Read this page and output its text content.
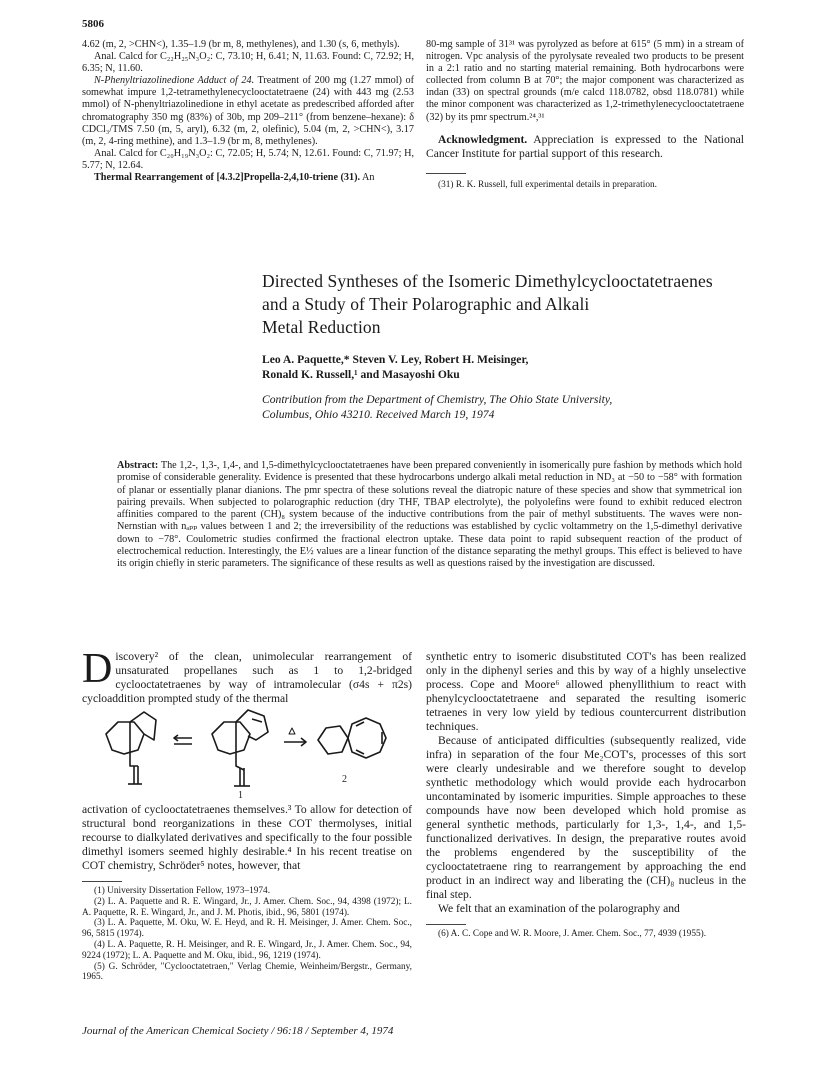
5806

4.62 (m, 2, >CHN<), 1.35–1.9 (br m, 8, methylenes), and 1.30 (s, 6, methyls).

Anal. Calcd for C₂₂H₂₅N₃O₂: C, 73.10; H, 6.41; N, 11.63. Found: C, 72.92; H, 6.35; N, 11.60.

N-Phenyltriazolinedione Adduct of 24. Treatment of 200 mg (1.27 mmol) of somewhat impure 1,2-tetramethylenecyclooctatetraene (24) with 443 mg (2.53 mmol) of N-phenyltriazolinedione in ethyl acetate as predescribed afforded after chromatography 350 mg (83%) of 30b, mp 209–211° (from benzene–hexane): δ CDCl₃/TMS 7.50 (m, 5, aryl), 6.32 (m, 2, olefinic), 5.04 (m, 2, >CHN<), 3.17 (m, 2, 4-ring methine), and 1.3–1.9 (br m, 8, methylenes).

Anal. Calcd for C₂₀H₁₉N₃O₂: C, 72.05; H, 5.74; N, 12.61. Found: C, 71.97; H, 5.77; N, 12.64.

Thermal Rearrangement of [4.3.2]Propella-2,4,10-triene (31). An

80-mg sample of 31³¹ was pyrolyzed as before at 615° (5 mm) in a stream of nitrogen. Vpc analysis of the pyrolysate revealed two products to be present in a 2:1 ratio and no starting material remaining. Both hydrocarbons were collected from column B at 70°; the major component was characterized as indan (33) on spectral grounds (m/e calcd 118.0782, obsd 118.0781) while the minor component was characterized as 1,2-trimethylenecyclooctatetraene (32) by its pmr spectrum.²⁴,³¹

Acknowledgment. Appreciation is expressed to the National Cancer Institute for partial support of this research.

(31) R. K. Russell, full experimental details in preparation.

Directed Syntheses of the Isomeric Dimethylcyclooctatetraenes
and a Study of Their Polarographic and Alkali
Metal Reduction
Leo A. Paquette,* Steven V. Ley, Robert H. Meisinger,
Ronald K. Russell,¹ and Masayoshi Oku
Contribution from the Department of Chemistry, The Ohio State University,
Columbus, Ohio 43210. Received March 19, 1974
Abstract: The 1,2-, 1,3-, 1,4-, and 1,5-dimethylcyclooctatetraenes have been prepared conveniently in isomerically pure fashion by methods which hold promise of considerable generality. Evidence is presented that these hydrocarbons undergo alkali metal reduction in ND₃ at −50 to −58° with formation of planar or essentially planar dianions. The pmr spectra of these solutions reveal the diatropic nature of these species and show that symmetrical ion pairing prevails. When subjected to polarographic reduction (dry THF, TBAP electrolyte), the polyolefins were found to exhibit reduced electron affinities compared to the parent (CH)₈ system because of the inductive contributions from the pair of methyl substituents. The waves were non-Nernstian with nₐₚₚ values between 1 and 2; the irreversibility of the reductions was established by cyclic voltammetry on the 1,5-dimethyl derivative down to −78°. Coulometric studies confirmed the fractional electron uptake. These data point to rapid subsequent reaction of the product of electrochemical reduction. Interestingly, the E½ values are a linear function of the distance separating the methyl groups. This effect is believed to have its origin chiefly in steric parameters. The significance of these results as well as questions raised by the investigation are discussed.

Discovery² of the clean, unimolecular rearrangement of unsaturated propellanes such as 1 to 1,2-bridged cyclooctatetraenes by way of intramolecular (σ4s + π2s) cycloaddition prompted study of the thermal

1
2

activation of cyclooctatetraenes themselves.³ To allow for detection of structural bond reorganizations in these COT thermolyses, initial recourse to dialkylated derivatives and specifically to the four possible dimethyl isomers seemed highly desirable.⁴ In his recent treatise on COT chemistry, Schröder⁵ notes, however, that

(1) University Dissertation Fellow, 1973–1974.

(2) L. A. Paquette and R. E. Wingard, Jr., J. Amer. Chem. Soc., 94, 4398 (1972); L. A. Paquette, R. E. Wingard, Jr., and J. M. Photis, ibid., 96, 5801 (1974).

(3) L. A. Paquette, M. Oku, W. E. Heyd, and R. H. Meisinger, J. Amer. Chem. Soc., 96, 5815 (1974).

(4) L. A. Paquette, R. H. Meisinger, and R. E. Wingard, Jr., J. Amer. Chem. Soc., 94, 9224 (1972); L. A. Paquette and M. Oku, ibid., 96, 1219 (1974).

(5) G. Schröder, "Cyclooctatetraen," Verlag Chemie, Weinheim/Bergstr., Germany, 1965.

synthetic entry to isomeric disubstituted COT's has been realized only in the diphenyl series and this by way of a highly unselective process. Cope and Moore⁶ allowed phenyllithium to react with phenylcyclooctatetraene and separated the resulting isomeric tetraenes in very low yield by tedious countercurrent distribution techniques.

Because of anticipated difficulties (subsequently realized, vide infra) in separation of the four Me₂COT's, processes of this sort were clearly undesirable and we therefore sought to develop synthetic methodology which would provide each hydrocarbon uncontaminated by isomeric impurities. Simple approaches to these compounds have now been developed which hold promise as general synthetic methods, particularly for 1,3-, 1,4-, and 1,5-functionalized derivatives. In design, the preparative routes avoid the problems engendered by the susceptibility of the cyclooctatetraene ring to rearrangement by approaching the end product in an indirect way and liberating the (CH)₈ nucleus in the final step.

We felt that an examination of the polarography and

(6) A. C. Cope and W. R. Moore, J. Amer. Chem. Soc., 77, 4939 (1955).

Journal of the American Chemical Society / 96:18 / September 4, 1974
